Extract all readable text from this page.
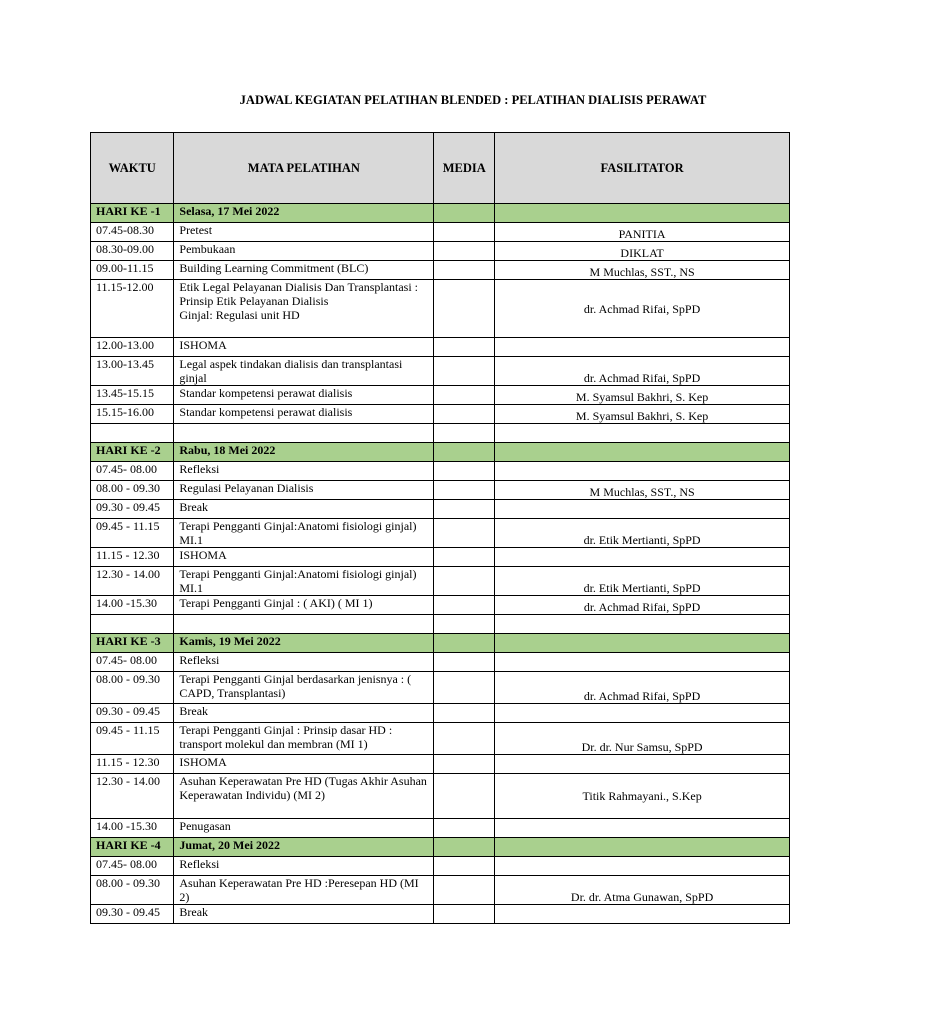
JADWAL KEGIATAN PELATIHAN BLENDED : PELATIHAN DIALISIS PERAWAT
WAKTU	MATA PELATIHAN	MEDIA	FASILITATOR
HARI KE -1	Selasa, 17 Mei 2022		

07.45-08.30	Pretest		PANITIA
08.30-09.00	Pembukaan		DIKLAT
09.00-11.15	Building Learning Commitment (BLC)		M Muchlas, SST., NS
11.15-12.00	Etik Legal Pelayanan Dialisis Dan Transplantasi : Prinsip Etik Pelayanan Dialisis
Ginjal: Regulasi unit HD		dr. Achmad Rifai, SpPD
12.00-13.00	ISHOMA		

13.00-13.45	Legal aspek tindakan dialisis dan transplantasi ginjal		dr. Achmad Rifai, SpPD
13.45-15.15	Standar kompetensi perawat dialisis		M. Syamsul Bakhri, S. Kep
15.15-16.00	Standar kompetensi perawat dialisis		M. Syamsul Bakhri, S. Kep

HARI KE -2	Rabu, 18 Mei 2022		

07.45- 08.00	Refleksi		

08.00 - 09.30	Regulasi Pelayanan Dialisis		M Muchlas, SST., NS
09.30 - 09.45	Break		

09.45 - 11.15	Terapi Pengganti Ginjal:Anatomi fisiologi ginjal) MI.1		dr. Etik Mertianti, SpPD
11.15 - 12.30	ISHOMA		

12.30 - 14.00	Terapi Pengganti Ginjal:Anatomi fisiologi ginjal) MI.1		dr. Etik Mertianti, SpPD
14.00 -15.30	Terapi Pengganti Ginjal : ( AKI) ( MI 1)		dr. Achmad Rifai, SpPD

HARI KE -3	Kamis, 19 Mei 2022		

07.45- 08.00	Refleksi		

08.00 - 09.30	Terapi Pengganti Ginjal berdasarkan jenisnya : ( CAPD, Transplantasi)		dr. Achmad Rifai, SpPD
09.30 - 09.45	Break		

09.45 - 11.15	Terapi Pengganti Ginjal : Prinsip dasar HD : transport molekul dan membran (MI 1)		Dr. dr. Nur Samsu, SpPD
11.15 - 12.30	ISHOMA		

12.30 - 14.00	Asuhan Keperawatan Pre HD (Tugas Akhir Asuhan Keperawatan Individu) (MI 2)		Titik Rahmayani., S.Kep
14.00 -15.30	Penugasan		

HARI KE -4	Jumat, 20 Mei 2022		

07.45- 08.00	Refleksi		

08.00 - 09.30	Asuhan Keperawatan Pre HD :Peresepan HD (MI 2)		Dr. dr. Atma Gunawan, SpPD
09.30 - 09.45	Break		
